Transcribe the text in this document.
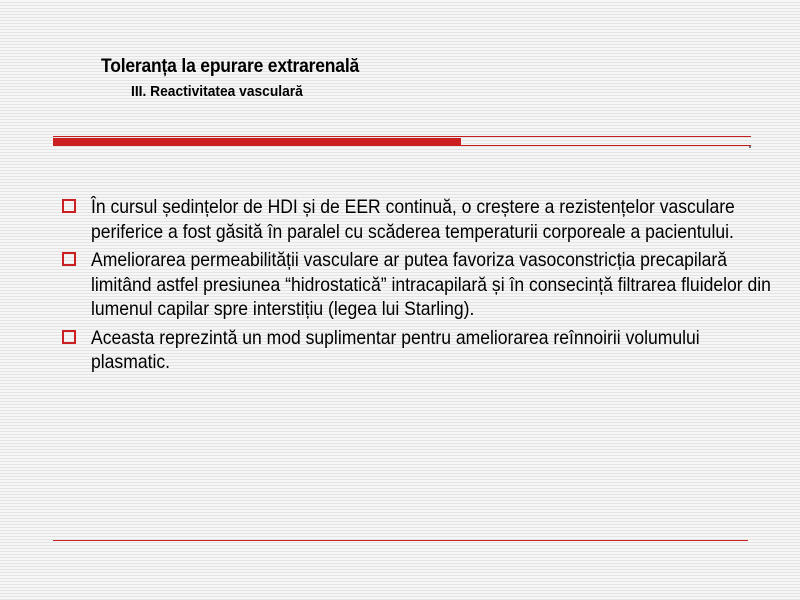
Toleranța la epurare extrarenală
III. Reactivitatea vasculară
În cursul ședințelor de HDI și de EER continuă, o creștere a rezistențelor vasculare periferice a fost găsită în paralel cu scăderea temperaturii corporeale a pacientului.
Ameliorarea permeabilității vasculare ar putea favoriza vasoconstricția precapilară limitând astfel presiunea “hidrostatică” intracapilară și în consecință filtrarea fluidelor din lumenul capilar spre interstițiu (legea lui Starling).
Aceasta reprezintă un mod suplimentar pentru ameliorarea reînnoirii volumului plasmatic.
